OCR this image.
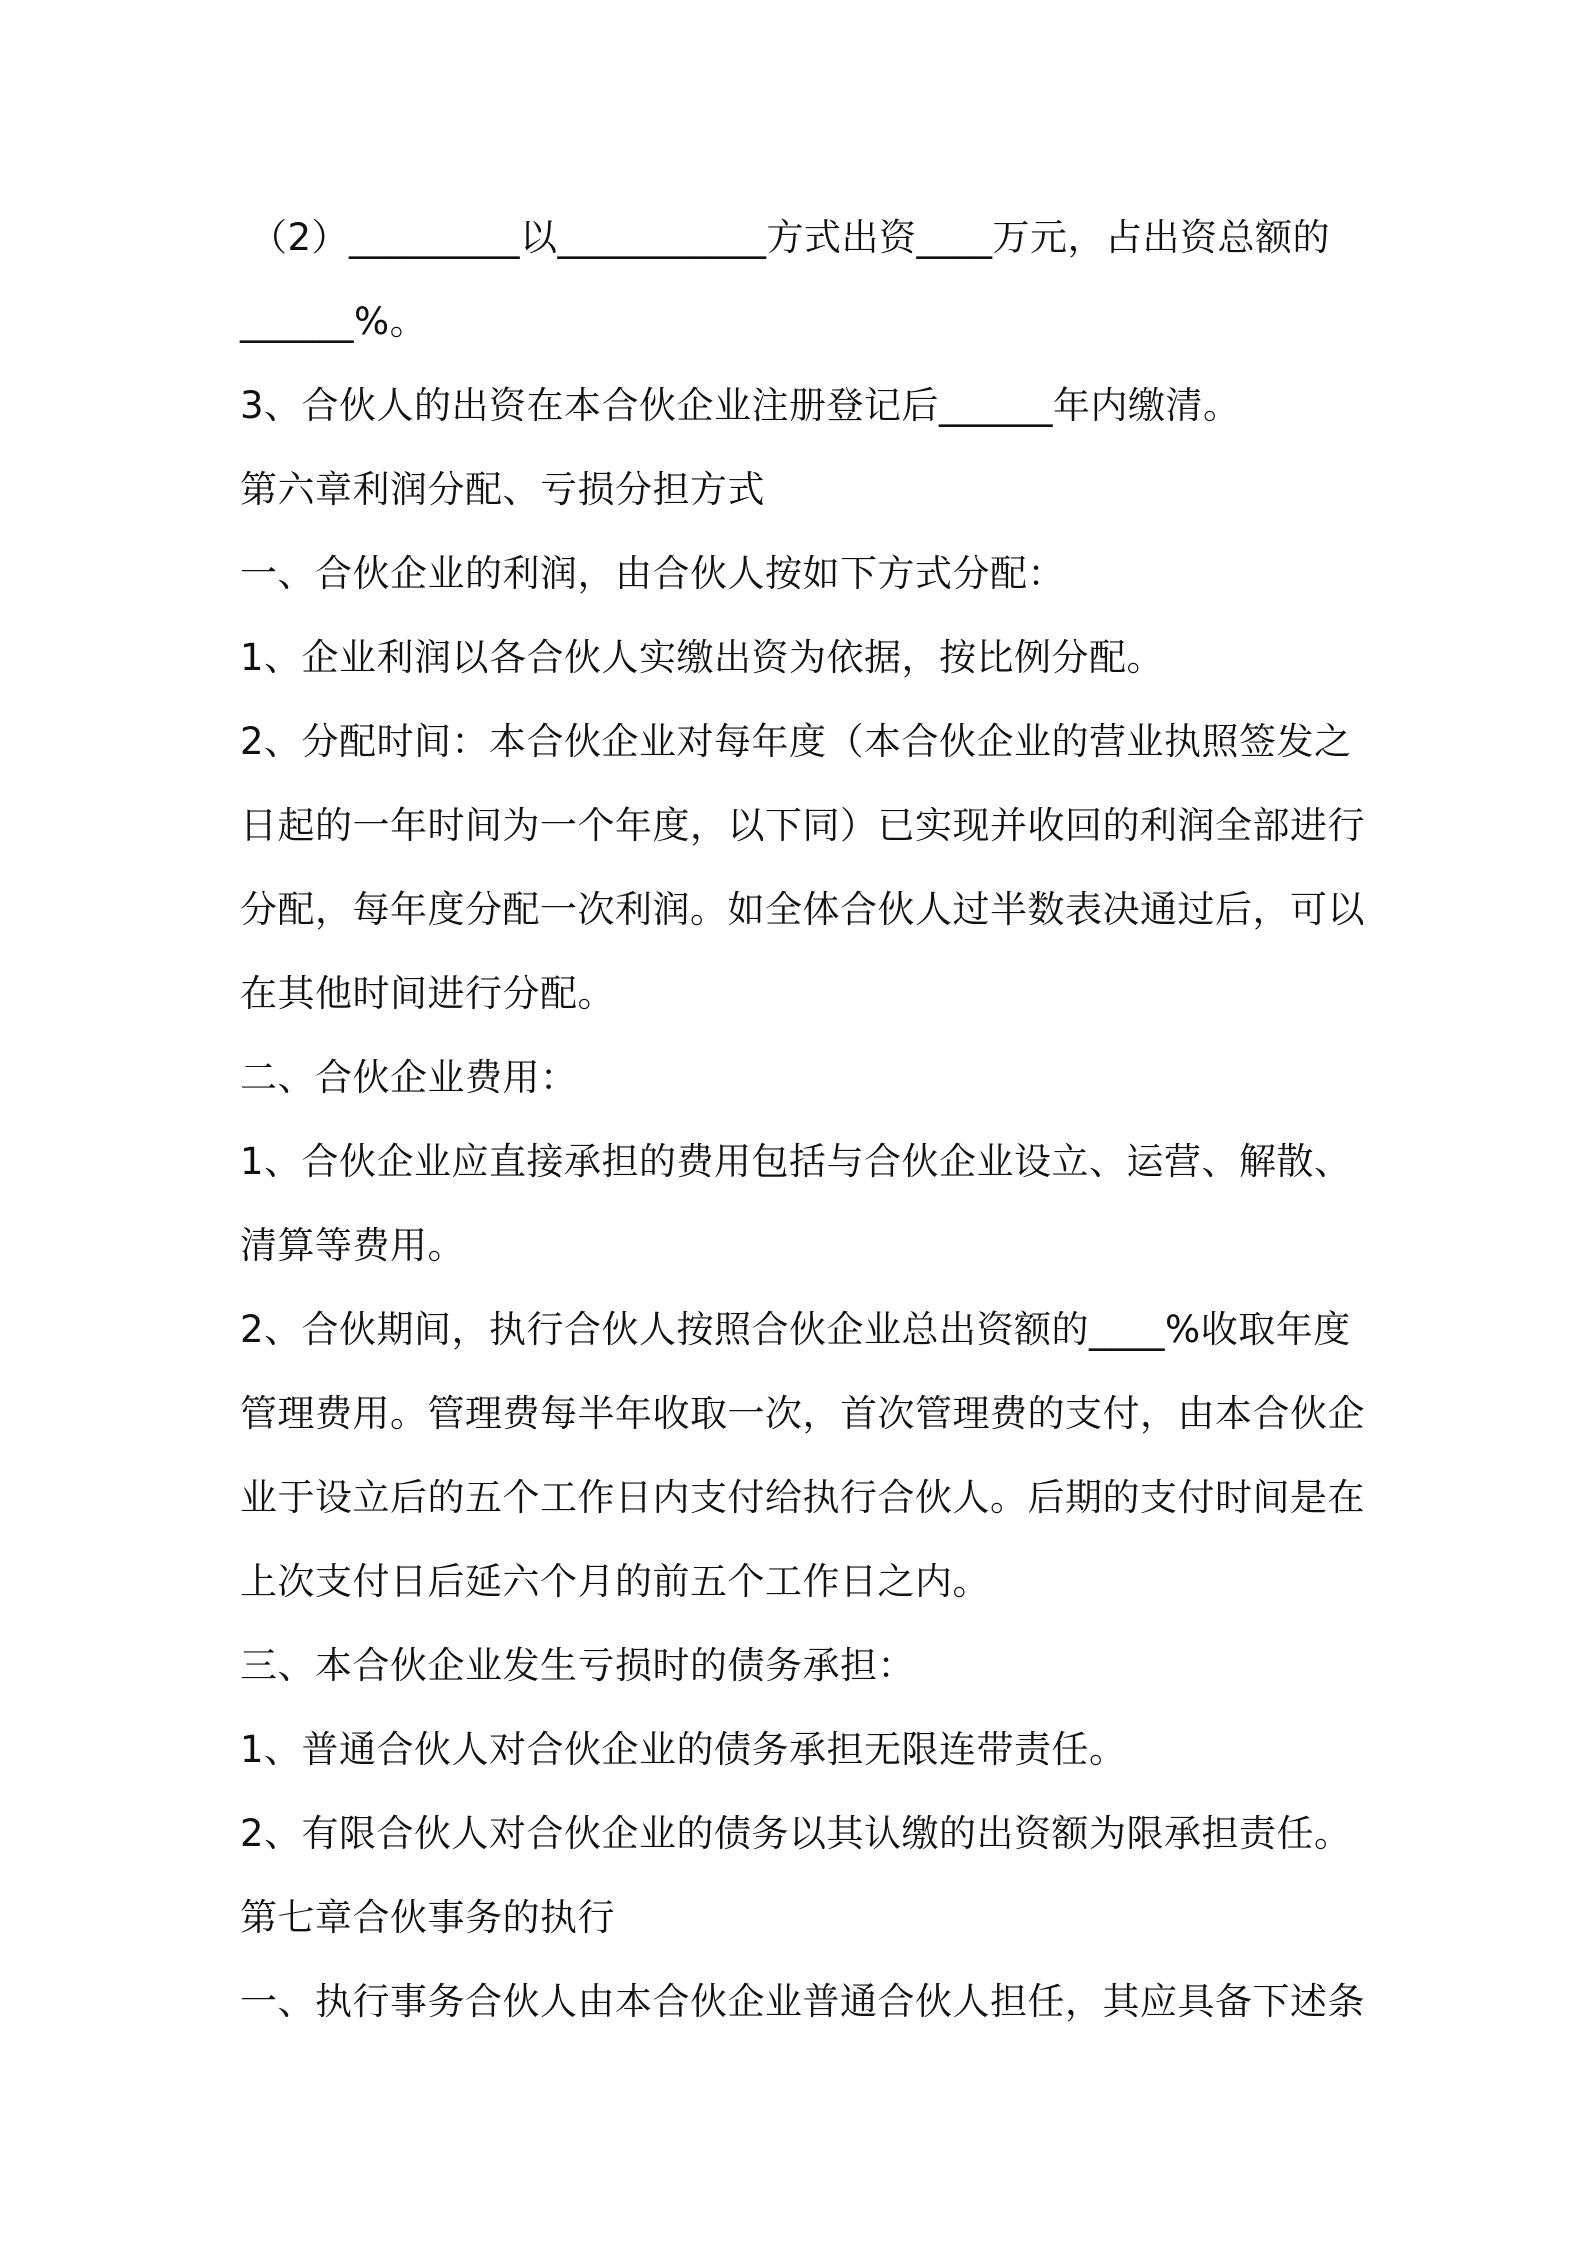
（2）_________以___________方式出资____万元，占出资总额的

______%。

3、合伙人的出资在本合伙企业注册登记后______年内缴清。

第六章利润分配、亏损分担方式

一、合伙企业的利润，由合伙人按如下方式分配：

1、企业利润以各合伙人实缴出资为依据，按比例分配。

2、分配时间：本合伙企业对每年度（本合伙企业的营业执照签发之

日起的一年时间为一个年度，以下同）已实现并收回的利润全部进行

分配，每年度分配一次利润。如全体合伙人过半数表决通过后，可以

在其他时间进行分配。

二、合伙企业费用：

1、合伙企业应直接承担的费用包括与合伙企业设立、运营、解散、

清算等费用。

2、合伙期间，执行合伙人按照合伙企业总出资额的____%收取年度

管理费用。管理费每半年收取一次，首次管理费的支付，由本合伙企

业于设立后的五个工作日内支付给执行合伙人。后期的支付时间是在

上次支付日后延六个月的前五个工作日之内。

三、本合伙企业发生亏损时的债务承担：

1、普通合伙人对合伙企业的债务承担无限连带责任。

2、有限合伙人对合伙企业的债务以其认缴的出资额为限承担责任。

第七章合伙事务的执行

一、执行事务合伙人由本合伙企业普通合伙人担任，其应具备下述条
